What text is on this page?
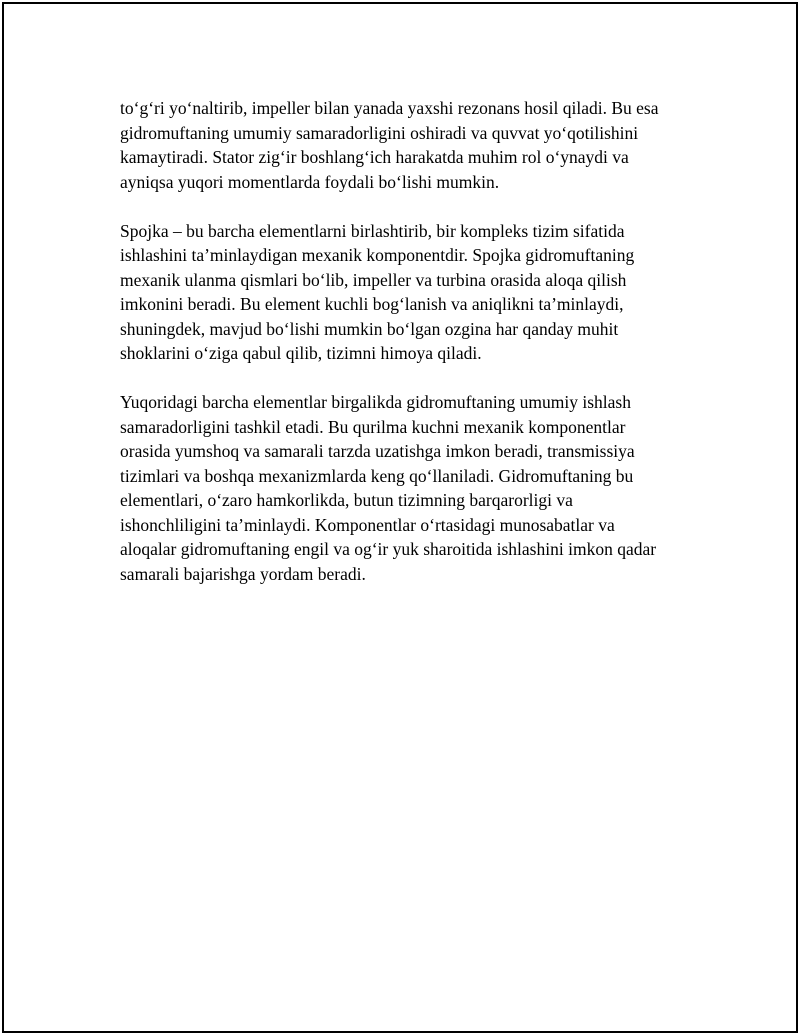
to‘g‘ri yo‘naltirib, impeller bilan yanada yaxshi rezonans hosil qiladi. Bu esa
gidromuftaning umumiy samaradorligini oshiradi va quvvat yo‘qotilishini
kamaytiradi. Stator zig‘ir boshlang‘ich harakatda muhim rol o‘ynaydi va
ayniqsa yuqori momentlarda foydali bo‘lishi mumkin.

Spojka – bu barcha elementlarni birlashtirib, bir kompleks tizim sifatida
ishlashini ta’minlaydigan mexanik komponentdir. Spojka gidromuftaning
mexanik ulanma qismlari bo‘lib, impeller va turbina orasida aloqa qilish
imkonini beradi. Bu element kuchli bog‘lanish va aniqlikni ta’minlaydi,
shuningdek, mavjud bo‘lishi mumkin bo‘lgan ozgina har qanday muhit
shoklarini o‘ziga qabul qilib, tizimni himoya qiladi.

Yuqoridagi barcha elementlar birgalikda gidromuftaning umumiy ishlash
samaradorligini tashkil etadi. Bu qurilma kuchni mexanik komponentlar
orasida yumshoq va samarali tarzda uzatishga imkon beradi, transmissiya
tizimlari va boshqa mexanizmlarda keng qo‘llaniladi. Gidromuftaning bu
elementlari, o‘zaro hamkorlikda, butun tizimning barqarorligi va
ishonchliligini ta’minlaydi. Komponentlar o‘rtasidagi munosabatlar va
aloqalar gidromuftaning engil va og‘ir yuk sharoitida ishlashini imkon qadar
samarali bajarishga yordam beradi.
